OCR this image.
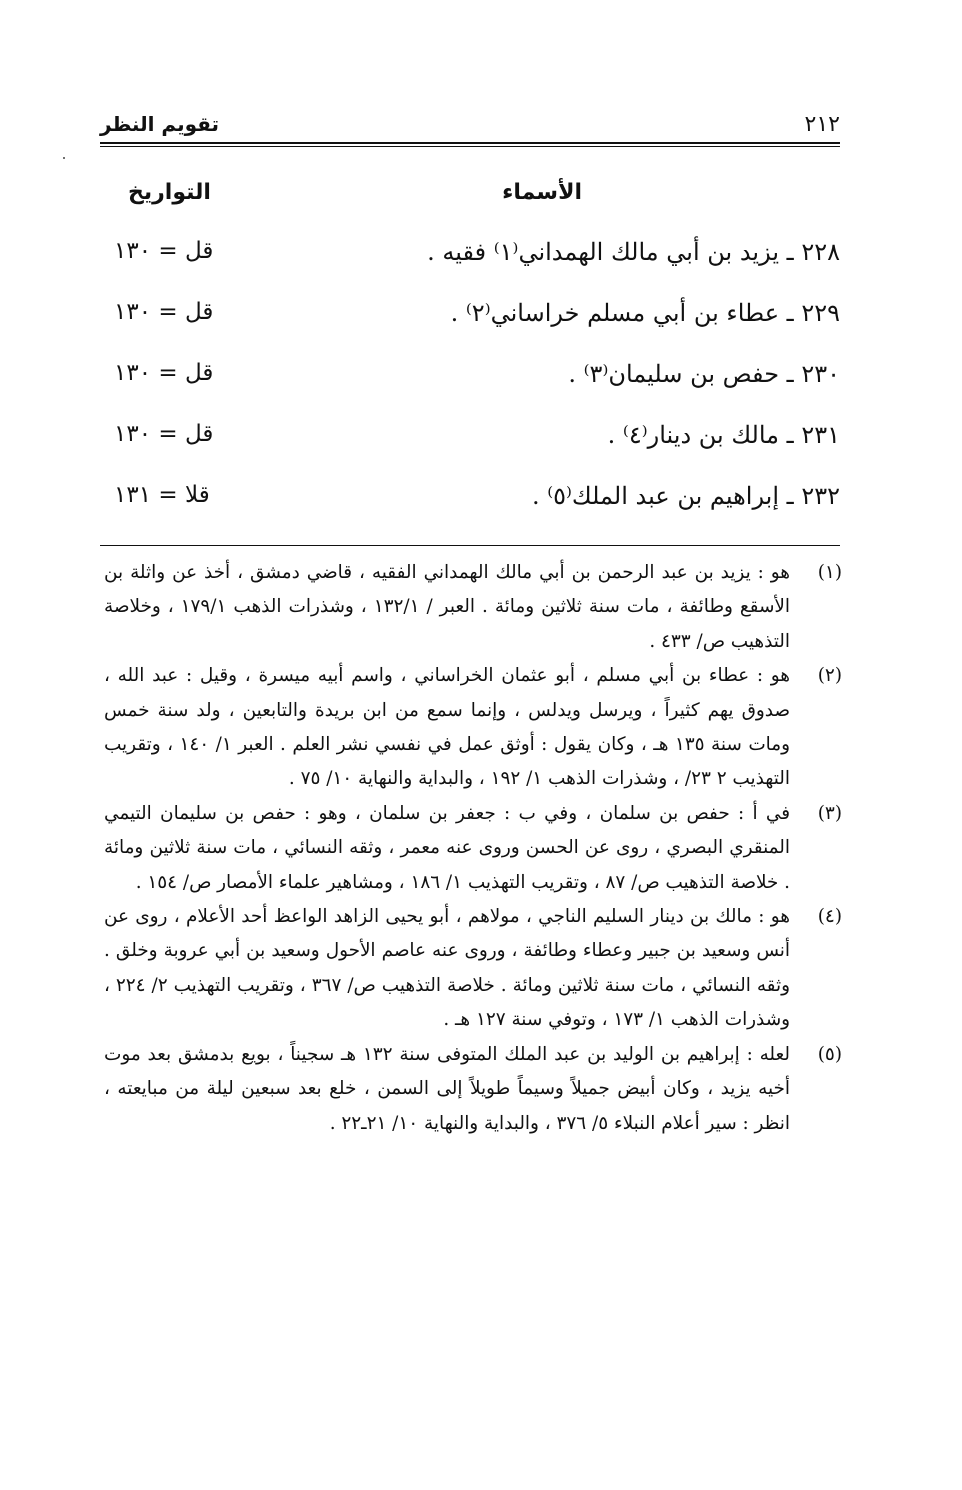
٢١٢
تقويم النظر
الأسماء
التواريخ
٢٢٨ ـ يزيد بن أبي مالك الهمداني⁽١⁾ فقيه .
١٣٠ = قل
٢٢٩ ـ عطاء بن أبي مسلم خراساني⁽٢⁾ .
١٣٠ = قل
٢٣٠ ـ حفص بن سليمان⁽٣⁾ .
١٣٠ = قل
٢٣١ ـ مالك بن دينار⁽٤⁾ .
١٣٠ = قل
٢٣٢ ـ إبراهيم بن عبد الملك⁽٥⁾ .
١٣١ = قلا
(١)
هو : يزيد بن عبد الرحمن بن أبي مالك الهمداني الفقيه ، قاضي دمشق ، أخذ عن واثلة بن الأسقع وطائفة ، مات سنة ثلاثين ومائة . العبر / ١٣٢/١ ، وشذرات الذهب ١٧٩/١ ، وخلاصة التذهيب ص/ ٤٣٣ .
(٢)
هو : عطاء بن أبي مسلم ، أبو عثمان الخراساني ، واسم أبيه ميسرة ، وقيل : عبد الله ، صدوق يهم كثيراً ، ويرسل ويدلس ، وإنما سمع من ابن بريدة والتابعين ، ولد سنة خمس ومات سنة ١٣٥ هـ ، وكان يقول : أوثق عمل في نفسي نشر العلم . العبر ١/ ١٤٠ ، وتقريب التهذيب ٢ ٢٣/ ، وشذرات الذهب ١/ ١٩٢ ، والبداية والنهاية ١٠/ ٧٥ .
(٣)
في أ : حفص بن سلمان ، وفي ب : جعفر بن سلمان ، وهو : حفص بن سليمان التيمي المنقري البصري ، روى عن الحسن وروى عنه معمر ، وثقه النسائي ، مات سنة ثلاثين ومائة . خلاصة التذهيب ص/ ٨٧ ، وتقريب التهذيب ١/ ١٨٦ ، ومشاهير علماء الأمصار ص/ ١٥٤ .
(٤)
هو : مالك بن دينار السليم الناجي ، مولاهم ، أبو يحيى الزاهد الواعظ أحد الأعلام ، روى عن أنس وسعيد بن جبير وعطاء وطائفة ، وروى عنه عاصم الأحول وسعيد بن أبي عروبة وخلق . وثقه النسائي ، مات سنة ثلاثين ومائة . خلاصة التذهيب ص/ ٣٦٧ ، وتقريب التهذيب ٢/ ٢٢٤ ، وشذرات الذهب ١/ ١٧٣ ، وتوفي سنة ١٢٧ هـ .
(٥)
لعله : إبراهيم بن الوليد بن عبد الملك المتوفى سنة ١٣٢ هـ سجيناً ، بويع بدمشق بعد موت أخيه يزيد ، وكان أبيض جميلاً وسيماً طويلاً إلى السمن ، خلع بعد سبعين ليلة من مبايعته ، انظر : سير أعلام النبلاء ٥/ ٣٧٦ ، والبداية والنهاية ١٠/ ٢١ـ٢٢ .
